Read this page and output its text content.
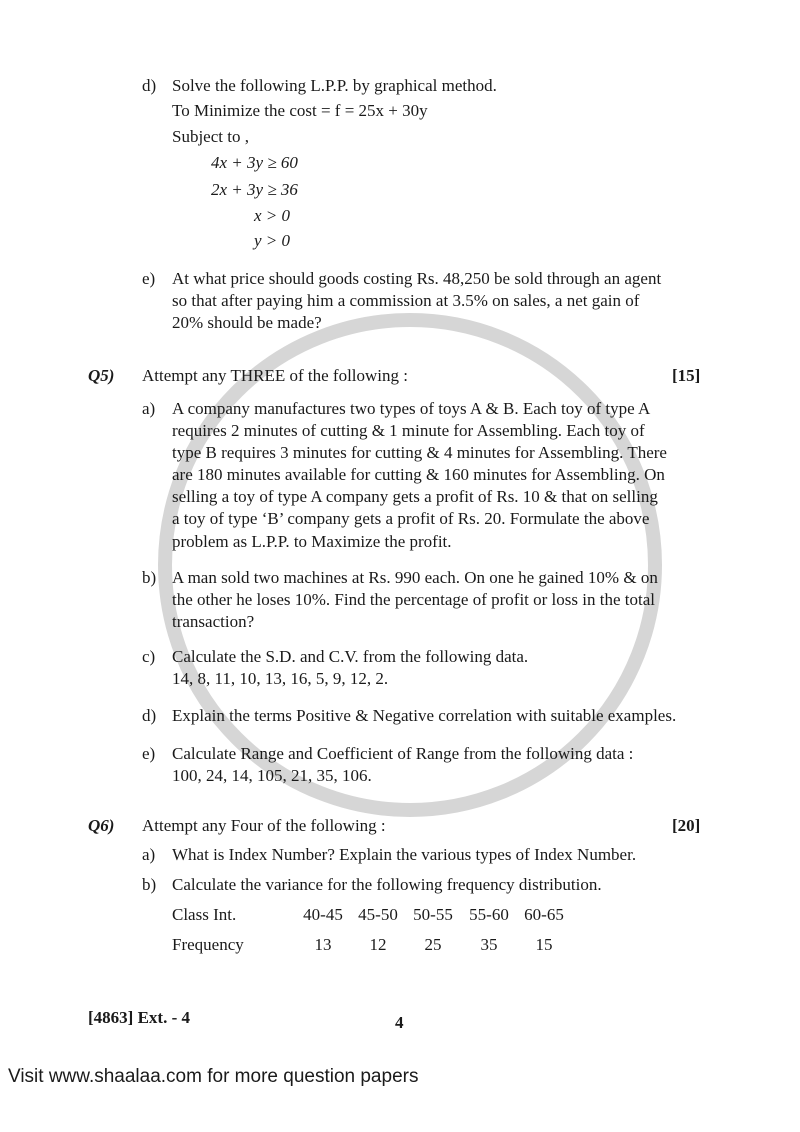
d) Solve the following L.P.P. by graphical method.
To Minimize the cost = f = 25x + 30y
Subject to ,
4x + 3y ≥ 60
2x + 3y ≥ 36
x > 0
y > 0
e) At what price should goods costing Rs. 48,250 be sold through an agent
so that after paying him a commission at 3.5% on sales, a net gain of
20% should be made?
Q5) Attempt any THREE of the following :	[15]
a) A company manufactures two types of toys A & B. Each toy of type A
requires 2 minutes of cutting & 1 minute for Assembling. Each toy of
type B requires 3 minutes for cutting & 4 minutes for Assembling. There
are 180 minutes available for cutting & 160 minutes for Assembling. On
selling a toy of type A company gets a profit of Rs. 10 & that on selling
a toy of type ‘B’ company gets a profit of Rs. 20. Formulate the above
problem as L.P.P. to Maximize the profit.
b) A man sold two machines at Rs. 990 each. On one he gained 10% & on
the other he loses 10%. Find the percentage of profit or loss in the total
transaction?
c) Calculate the S.D. and C.V. from the following data.
14, 8, 11, 10, 13, 16, 5, 9, 12, 2.
d) Explain the terms Positive & Negative correlation with suitable examples.
e) Calculate Range and Coefficient of Range from the following data :
100, 24, 14, 105, 21, 35, 106.
Q6) Attempt any Four of the following :	[20]
a) What is Index Number? Explain the various types of Index Number.
b) Calculate the variance for the following frequency distribution.
Class Int.	40-45 45-50 50-55 55-60 60-65
Frequency	13	12	25	35	15
[4863] Ext. - 4	4
Visit www.shaalaa.com for more question papers
